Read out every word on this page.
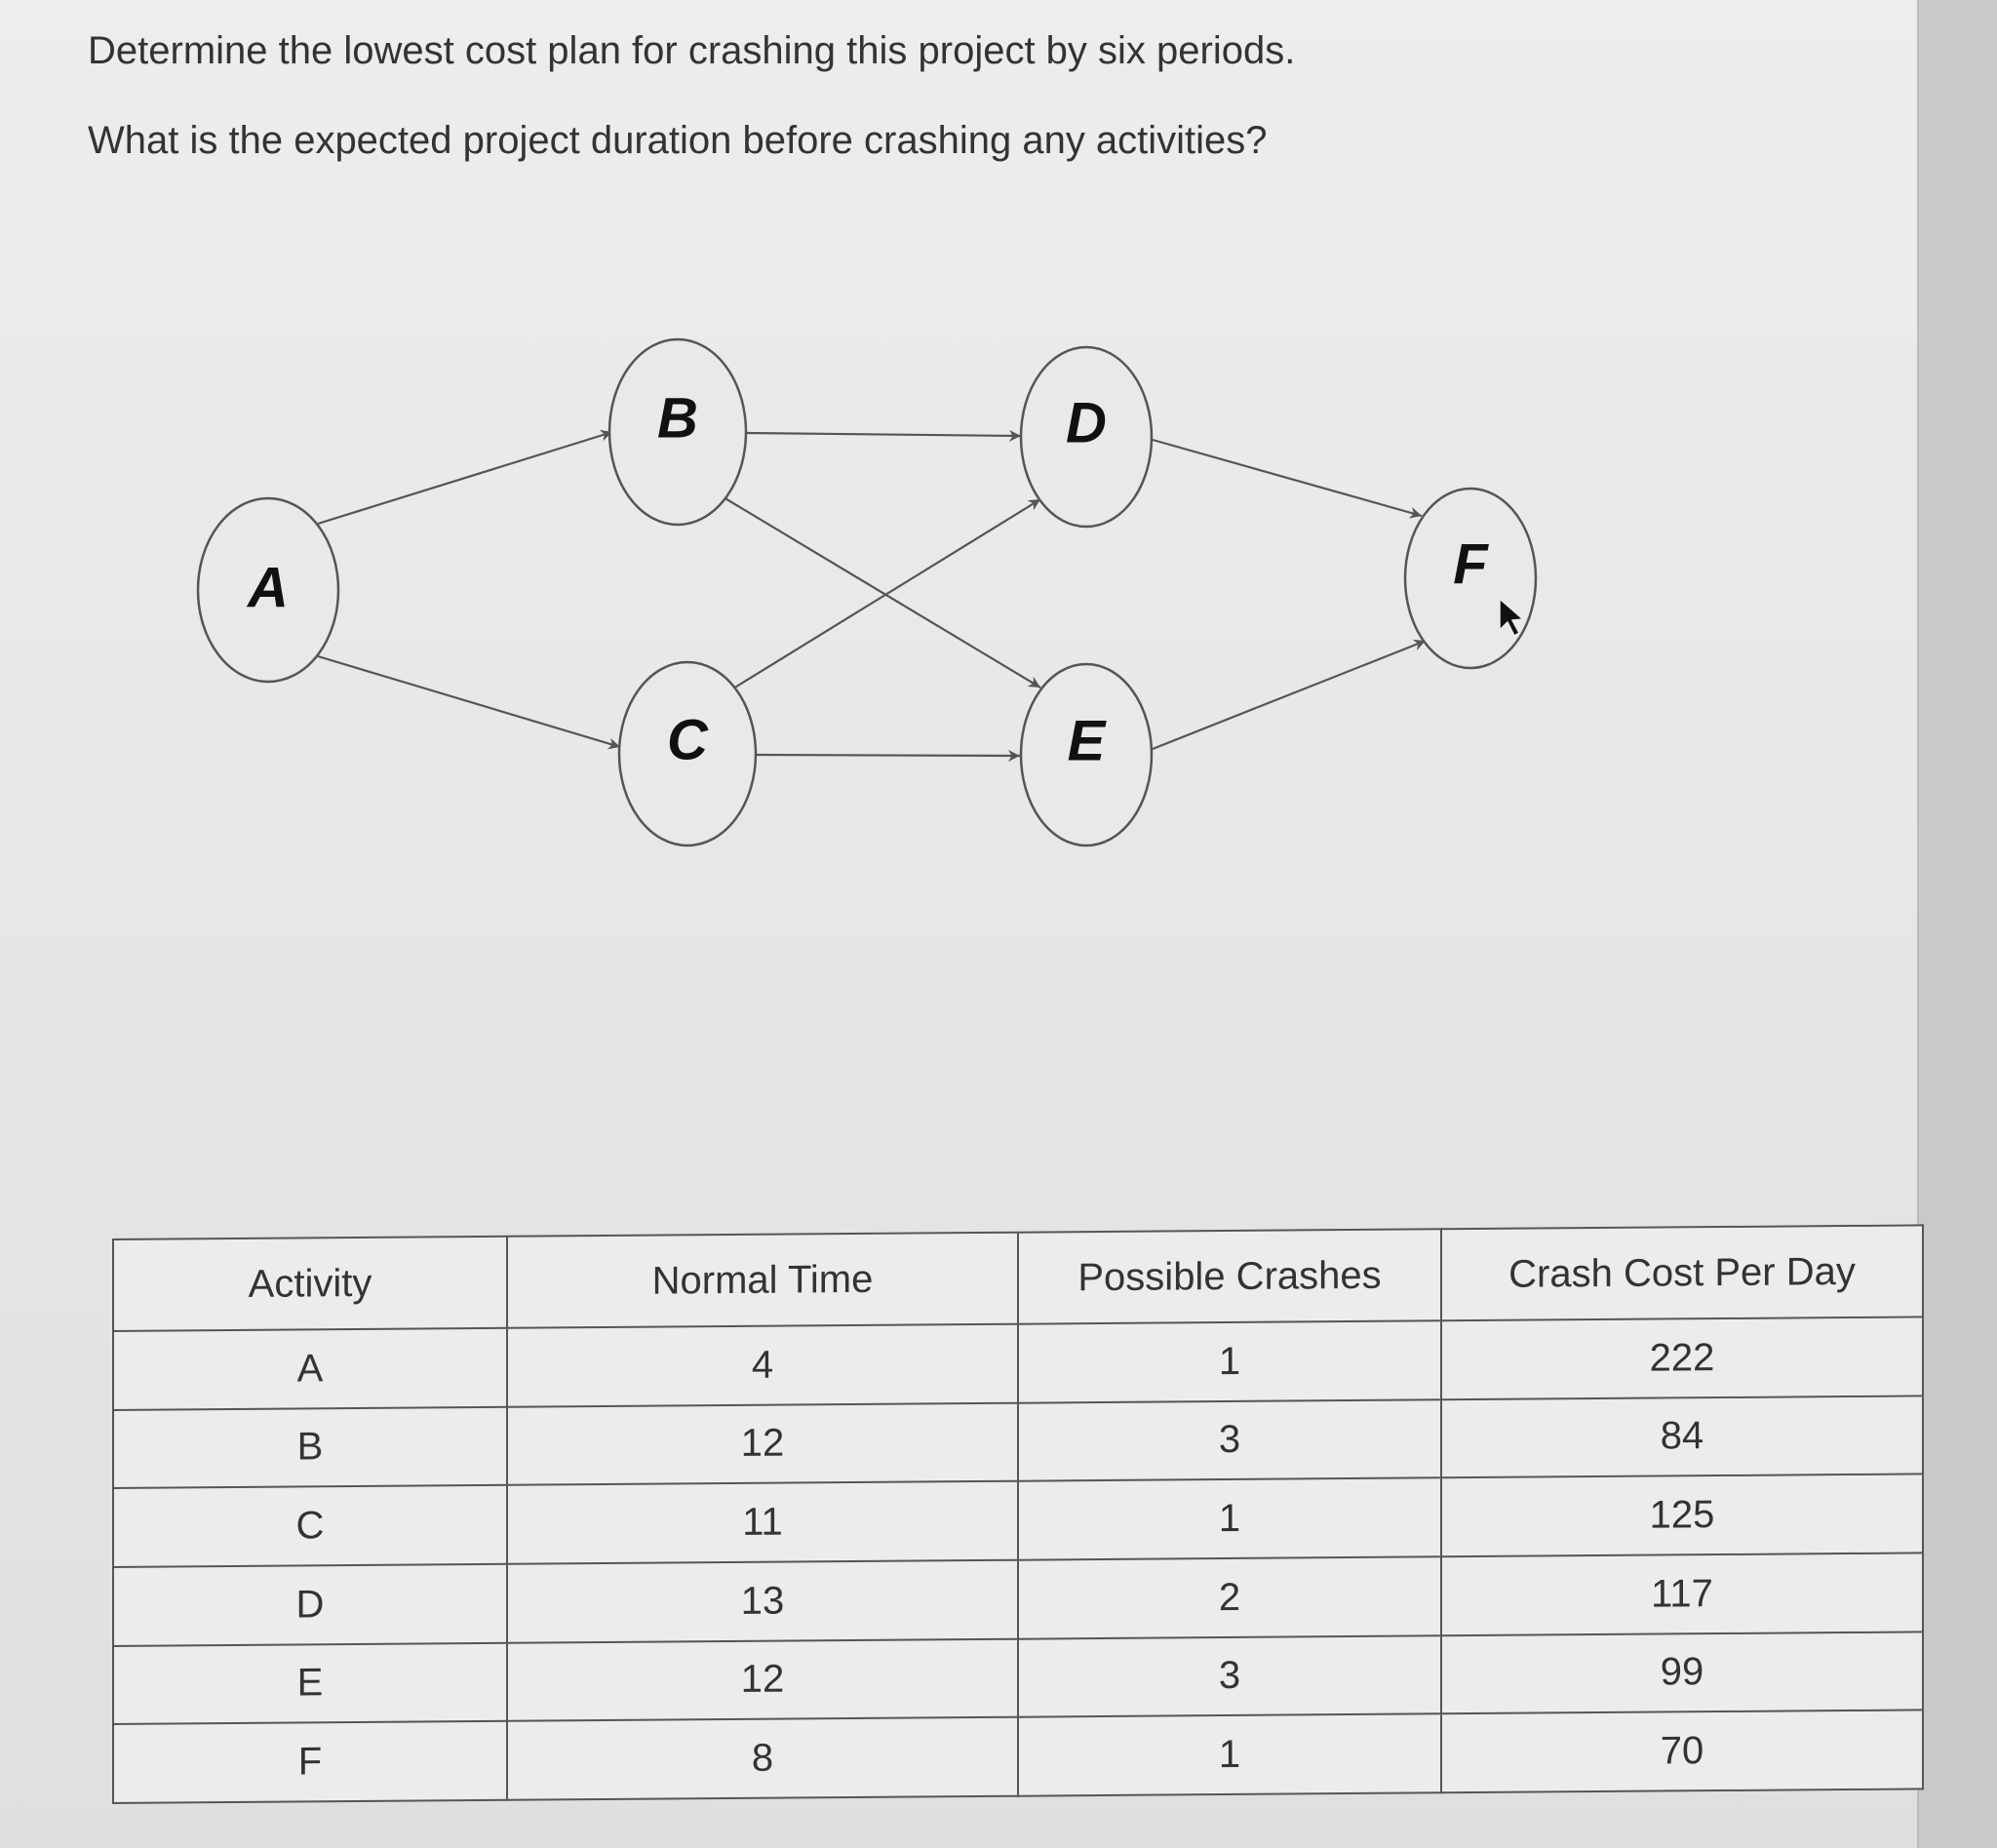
Determine the lowest cost plan for crashing this project by six periods.

What is the expected project duration before crashing any activities?

A
B
C
D
E
F
Activity	Normal Time	Possible Crashes	Crash Cost Per Day
A	4	1	222
B	12	3	84
C	11	1	125
D	13	2	117
E	12	3	99
F	8	1	70
